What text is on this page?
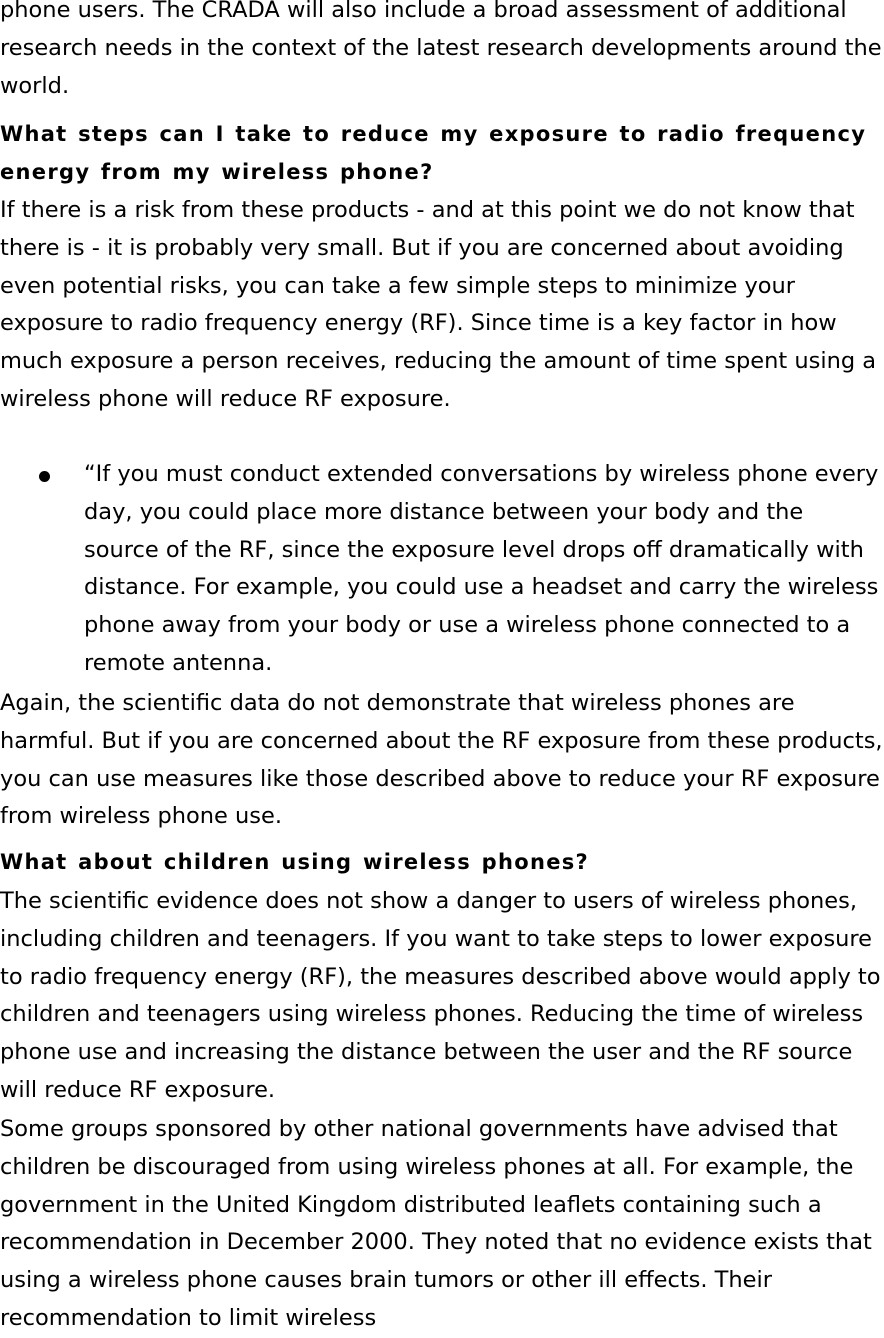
phone users. The CRADA will also include a broad assessment of additional research needs in the context of the latest research developments around the world.

What steps can I take to reduce my exposure to radio frequency energy from my wireless phone?

If there is a risk from these products - and at this point we do not know that there is - it is probably very small. But if you are concerned about avoiding even potential risks, you can take a few simple steps to minimize your exposure to radio frequency energy (RF). Since time is a key factor in how much exposure a person receives, reducing the amount of time spent using a wireless phone will reduce RF exposure.

“If you must conduct extended conversations by wireless phone every day, you could place more distance between your body and the source of the RF, since the exposure level drops off dramatically with distance. For example, you could use a headset and carry the wireless phone away from your body or use a wireless phone connected to a remote antenna.

Again, the scientific data do not demonstrate that wireless phones are harmful. But if you are concerned about the RF exposure from these products, you can use measures like those described above to reduce your RF exposure from wireless phone use.

What about children using wireless phones?

The scientific evidence does not show a danger to users of wireless phones, including children and teenagers. If you want to take steps to lower exposure to radio frequency energy (RF), the measures described above would apply to children and teenagers using wireless phones. Reducing the time of wireless phone use and increasing the distance between the user and the RF source will reduce RF exposure.

Some groups sponsored by other national governments have advised that children be discouraged from using wireless phones at all. For example, the government in the United Kingdom distributed leaflets containing such a recommendation in December 2000. They noted that no evidence exists that using a wireless phone causes brain tumors or other ill effects. Their recommendation to limit wireless
